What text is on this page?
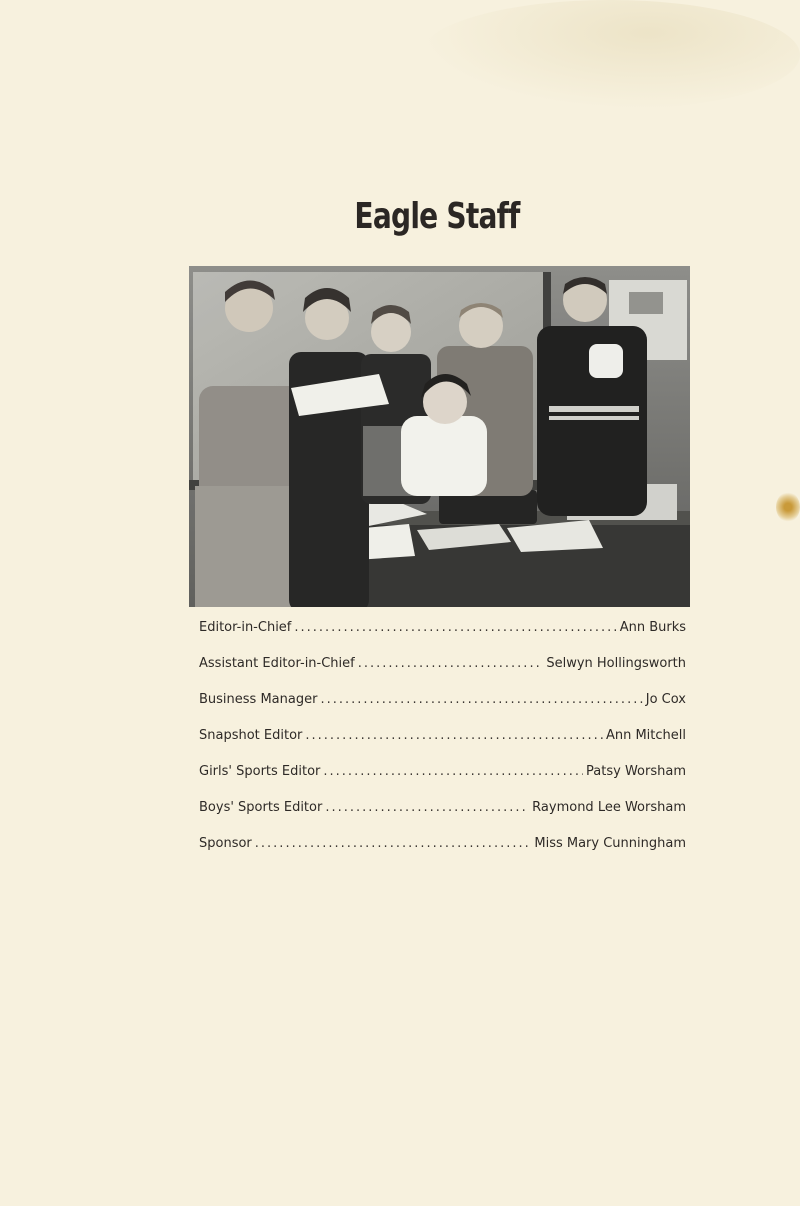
Eagle Staff
Editor-in-Chief .....	Ann Burks
Assistant Editor-in-Chief .....	Selwyn Hollingsworth
Business Manager .....	Jo Cox
Snapshot Editor .....	Ann Mitchell
Girls' Sports Editor .....	Patsy Worsham
Boys' Sports Editor .....	Raymond Lee Worsham
Sponsor .....	Miss Mary Cunningham
